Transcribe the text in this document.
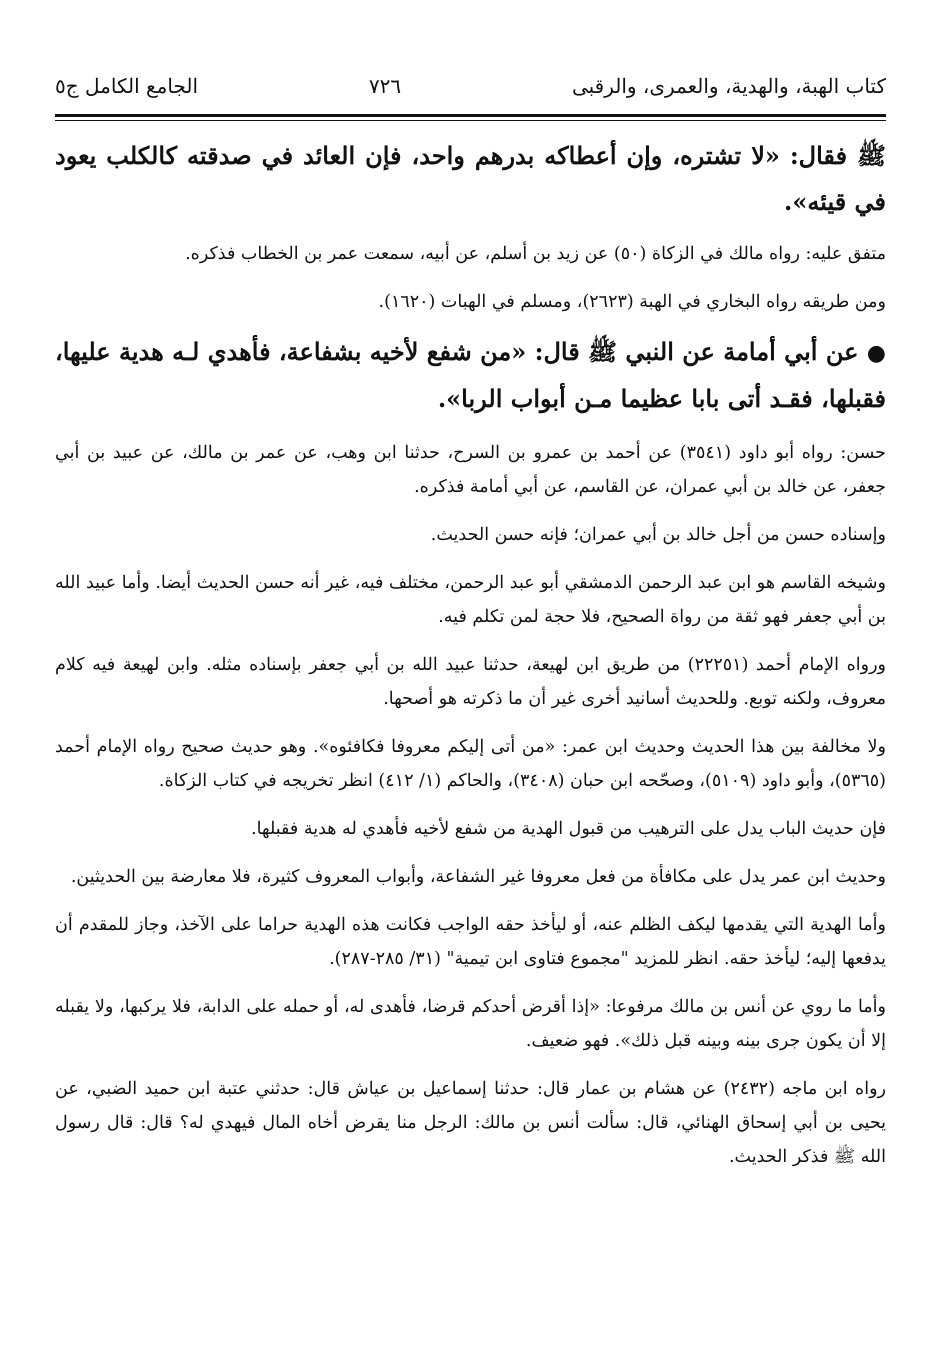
كتاب الهبة، والهدية، والعمرى، والرقبى
٧٢٦
الجامع الكامل ج٥

ﷺ فقال: «لا تشتره، وإن أعطاكه بدرهم واحد، فإن العائد في صدقته كالكلب يعود في قيئه».

متفق عليه: رواه مالك في الزكاة (٥٠) عن زيد بن أسلم، عن أبيه، سمعت عمر بن الخطاب فذكره.

ومن طريقه رواه البخاري في الهبة (٢٦٢٣)، ومسلم في الهبات (١٦٢٠).

● عن أبي أمامة عن النبي ﷺ قال: «من شفع لأخيه بشفاعة، فأهدي لـه هدية عليها، فقبلها، فقـد أتى بابا عظيما مـن أبواب الربا».

حسن: رواه أبو داود (٣٥٤١) عن أحمد بن عمرو بن السرح، حدثنا ابن وهب، عن عمر بن مالك، عن عبيد بن أبي جعفر، عن خالد بن أبي عمران، عن القاسم، عن أبي أمامة فذكره.

وإسناده حسن من أجل خالد بن أبي عمران؛ فإنه حسن الحديث.

وشيخه القاسم هو ابن عبد الرحمن الدمشقي أبو عبد الرحمن، مختلف فيه، غير أنه حسن الحديث أيضا. وأما عبيد الله بن أبي جعفر فهو ثقة من رواة الصحيح، فلا حجة لمن تكلم فيه.

ورواه الإمام أحمد (٢٢٢٥١) من طريق ابن لهيعة، حدثنا عبيد الله بن أبي جعفر بإسناده مثله. وابن لهيعة فيه كلام معروف، ولكنه توبع. وللحديث أسانيد أخرى غير أن ما ذكرته هو أصحها.

ولا مخالفة بين هذا الحديث وحديث ابن عمر: «من أتى إليكم معروفا فكافئوه». وهو حديث صحيح رواه الإمام أحمد (٥٣٦٥)، وأبو داود (٥١٠٩)، وصحّحه ابن حبان (٣٤٠٨)، والحاكم (١/ ٤١٢) انظر تخريجه في كتاب الزكاة.

فإن حديث الباب يدل على الترهيب من قبول الهدية من شفع لأخيه فأهدي له هدية فقبلها.

وحديث ابن عمر يدل على مكافأة من فعل معروفا غير الشفاعة، وأبواب المعروف كثيرة، فلا معارضة بين الحديثين.

وأما الهدية التي يقدمها ليكف الظلم عنه، أو ليأخذ حقه الواجب فكانت هذه الهدية حراما على الآخذ، وجاز للمقدم أن يدفعها إليه؛ ليأخذ حقه. انظر للمزيد "مجموع فتاوى ابن تيمية" (٣١/ ٢٨٥-٢٨٧).

وأما ما روي عن أنس بن مالك مرفوعا: «إذا أقرض أحدكم قرضا، فأهدى له، أو حمله على الدابة، فلا يركبها، ولا يقبله إلا أن يكون جرى بينه وبينه قبل ذلك». فهو ضعيف.

رواه ابن ماجه (٢٤٣٢) عن هشام بن عمار قال: حدثنا إسماعيل بن عياش قال: حدثني عتبة ابن حميد الضبي، عن يحيى بن أبي إسحاق الهنائي، قال: سألت أنس بن مالك: الرجل منا يقرض أخاه المال فيهدي له؟ قال: قال رسول الله ﷺ فذكر الحديث.
